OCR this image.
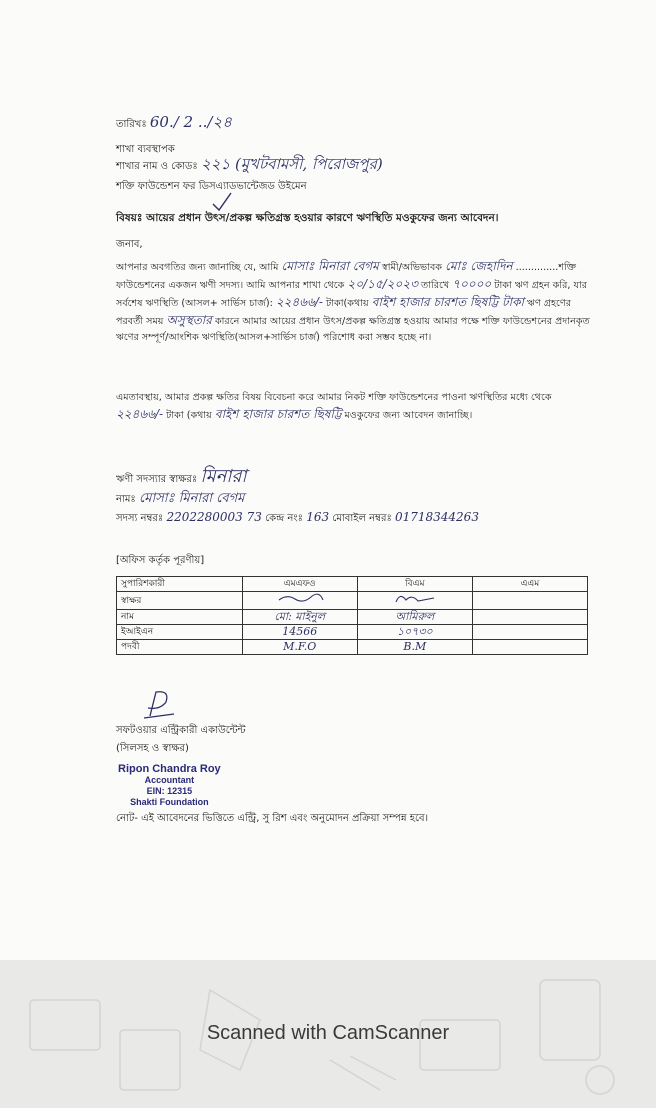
তারিখঃ 60./ 2 ../২৪
শাখা ব্যবস্থাপক
শাখার নাম ও কোডঃ ২২১ (মুখটবামসী, পিরোজপুর)
শক্তি ফাউন্ডেশন ফর ডিসএ্যাডভান্টেজড উইমেন
বিষয়ঃ আয়ের প্রধান উৎস/প্রকল্প ক্ষতিগ্রস্ত হওয়ার কারণে ঋণস্থিতি মওকুফের জন্য আবেদন।
জনাব,
আপনার অবগতির জন্য জানাচ্ছি যে, আমি মোসাঃ মিনারা বেগম স্বামী/অভিভাবক মোঃ জেহাদিন ..............শক্তি ফাউন্ডেশনের একজন ঋণী সদস্য। আমি আপনার শাখা থেকে ২০/১৫/২০২৩ তারিখে ৭০০০০ টাকা ঋণ গ্রহন করি, যার সর্বশেষ ঋণস্থিতি (আসল+ সার্ভিস চার্জ): ২২৪৬৬/- টাকা(কথায় বাইশ হাজার চারশত ছিষট্টি টাকা ঋণ গ্রহণের পরবর্তী সময় অসুস্থতার কারনে আমার আয়ের প্রধান উৎস/প্রকল্প ক্ষতিগ্রস্ত হওয়ায় আমার পক্ষে শক্তি ফাউন্ডেশনের প্রদানকৃত ঋণের সম্পূর্ণ/আংশিক ঋণস্থিতি(আসল+সার্ভিস চার্জ) পরিশোধ করা সম্ভব হচ্ছে না।
এমতাবস্থায়, আমার প্রকল্প ক্ষতির বিষয় বিবেচনা করে আমার নিকট শক্তি ফাউন্ডেশনের পাওনা ঋণস্থিতির মধ্যে থেকে ২২৪৬৬/- টাকা (কথায় বাইশ হাজার চারশত ছিষট্টি মওকুফের জন্য আবেদন জানাচ্ছি।
ঋণী সদস্যার স্বাক্ষরঃ মিনারা
নামঃ মোসাঃ মিনারা বেগম
সদস্য নম্বরঃ 2202280003 73 কেন্দ্র নংঃ 163 মোবাইল নম্বরঃ 01718344263
[অফিস কর্তৃক পূরণীয়]
সুপারিশকারী	এমএফও	বিএম	এএম
স্বাক্ষর			
নাম	মো: মাইনুল	আমিরুল	
ইআইএন	14566	১০৭৩০	
পদবী	M.F.O	B.M	
সফটওয়ার এন্ট্রিকারী একাউন্টেন্ট
(সিলসহ ও স্বাক্ষর)
Ripon Chandra Roy
Accountant
EIN: 12315
Shakti Foundation
নোট- এই আবেদনের ভিত্তিতে এন্ট্রি, সু রিশ এবং অনুমোদন প্রক্রিয়া সম্পন্ন হবে।
Scanned with CamScanner
